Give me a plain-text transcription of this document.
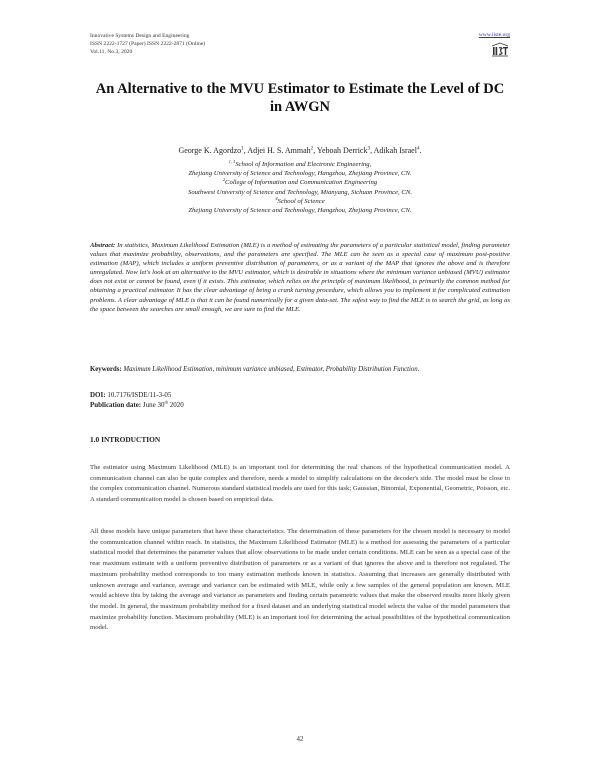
Innovative Systems Design and Engineering
ISSN 2222-1727 (Paper) ISSN 2222-2871 (Online)
Vol.11, No.3, 2020
www.iiste.org
An Alternative to the MVU Estimator to Estimate the Level of DC in AWGN
George K. Agordzo$^1$, Adjei H. S. Ammah$^2$, Yeboah Derrick$^3$, Adikah Israel$^4$.
$^{1, 3}$School of Information and Electronic Engineering,
Zhejiang University of Science and Technology, Hangzhou, Zhejiang Province, CN.
$^2$College of Information and Communication Engineering
Southwest University of Science and Technology, Mianyang, Sichuan Province, CN.
$^4$School of Science
Zhejiang University of Science and Technology, Hangzhou, Zhejiang Province, CN.
Abstract: In statistics, Maximum Likelihood Estimation (MLE) is a method of estimating the parameters of a particular statistical model, finding parameter values that maximize probability, observations, and the parameters are specified. The MLE can be seen as a special case of maximum post-positive estimation (MAP), which includes a uniform preventive distribution of parameters, or as a variant of the MAP that ignores the above and is therefore unregulated. Now let's look at an alternative to the MVU estimator, which is desirable in situations where the minimum variance unbiased (MVU) estimator does not exist or cannot be found, even if it exists. This estimator, which relies on the principle of maximum likelihood, is primarily the common method for obtaining a practical estimator. It has the clear advantage of being a crank turning procedure, which allows you to implement it for complicated estimation problems. A clear advantage of MLE is that it can be found numerically for a given data-set. The safest way to find the MLE is to search the grid, as long as the space between the searches are small enough, we are sure to find the MLE.
Keywords: Maximum Likelihood Estimation, minimum variance unbiased, Estimator, Probability Distribution Function.
DOI: 10.7176/ISDE/11-3-05
Publication date: June 30th 2020
1.0 INTRODUCTION
The estimator using Maximum Likelihood (MLE) is an important tool for determining the real chances of the hypothetical communication model. A communication channel can also be quite complex and therefore, needs a model to simplify calculations on the decoder's side. The model must be close to the complex communication channel. Numerous standard statistical models are used for this task; Gaussian, Binomial, Exponential, Geometric, Poisson, etc. A standard communication model is chosen based on empirical data.
All these models have unique parameters that have these characteristics. The determination of these parameters for the chosen model is necessary to model the communication channel within reach. In statistics, the Maximum Likelihood Estimator (MLE) is a method for assessing the parameters of a particular statistical model that determines the parameter values that allow observations to be made under certain conditions. MLE can be seen as a special case of the rear maximum estimate with a uniform preventive distribution of parameters or as a variant of that ignores the above and is therefore not regulated. The maximum probability method corresponds to too many estimation methods known in statistics. Assuming that increases are generally distributed with unknown average and variance, average and variance can be estimated with MLE, while only a few samples of the general population are known. MLE would achieve this by taking the average and variance as parameters and finding certain parametric values that make the observed results more likely given the model. In general, the maximum probability method for a fixed dataset and an underlying statistical model selects the value of the model parameters that maximize probability function. Maximum probability (MLE) is an important tool for determining the actual possibilities of the hypothetical communication model.
42
